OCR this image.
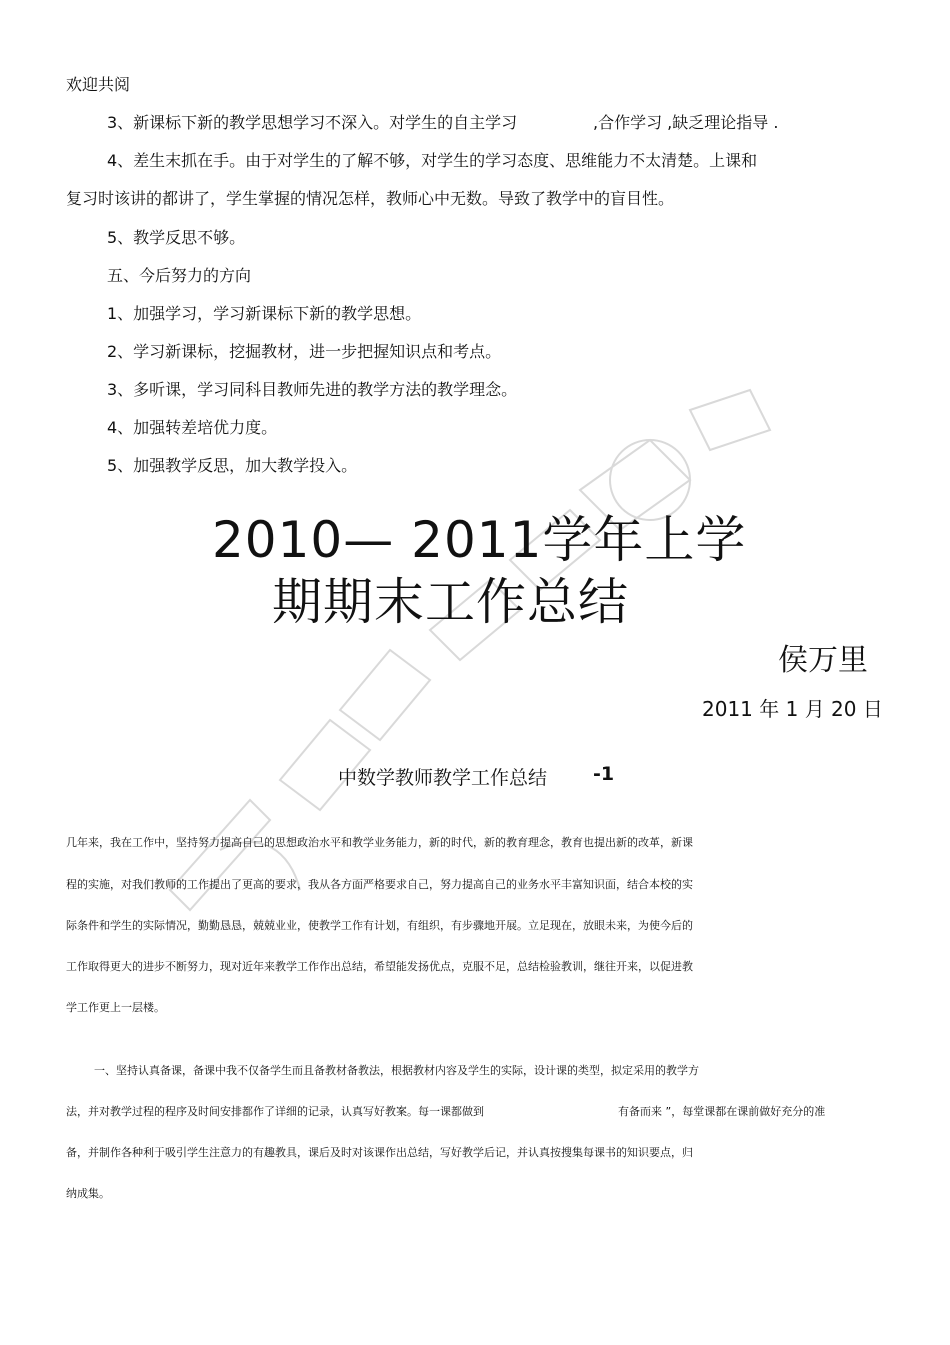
欢迎共阅
3、新课标下新的教学思想学习不深入。对学生的自主学习	,合作学习 ,缺乏理论指导 .
4、差生末抓在手。由于对学生的了解不够，对学生的学习态度、思维能力不太清楚。上课和
复习时该讲的都讲了，学生掌握的情况怎样，教师心中无数。导致了教学中的盲目性。
5、教学反思不够。
五、今后努力的方向
1、加强学习，学习新课标下新的教学思想。
2、学习新课标，挖掘教材，进一步把握知识点和考点。
3、多听课，学习同科目教师先进的教学方法的教学理念。
4、加强转差培优力度。
5、加强教学反思，加大教学投入。
2010— 2011学年上学
期期末工作总结
侯万里
2011 年 1 月 20 日
中数学教师教学工作总结 -1
几年来，我在工作中，坚持努力提高自己的思想政治水平和教学业务能力，新的时代，新的教育理念，教育也提出新的改革，新课
程的实施，对我们教师的工作提出了更高的要求，我从各方面严格要求自己，努力提高自己的业务水平丰富知识面，结合本校的实
际条件和学生的实际情况，勤勤恳恳，兢兢业业，使教学工作有计划，有组织，有步骤地开展。立足现在，放眼未来，为使今后的
工作取得更大的进步不断努力，现对近年来教学工作作出总结，希望能发扬优点，克服不足，总结检验教训，继往开来，以促进教
学工作更上一层楼。
一、坚持认真备课，备课中我不仅备学生而且备教材备教法，根据教材内容及学生的实际，设计课的类型，拟定采用的教学方
法，并对教学过程的程序及时间安排都作了详细的记录，认真写好教案。每一课都做到	有备而来 ”，每堂课都在课前做好充分的准
备，并制作各种利于吸引学生注意力的有趣教具，课后及时对该课作出总结，写好教学后记，并认真按搜集每课书的知识要点，归
纳成集。
